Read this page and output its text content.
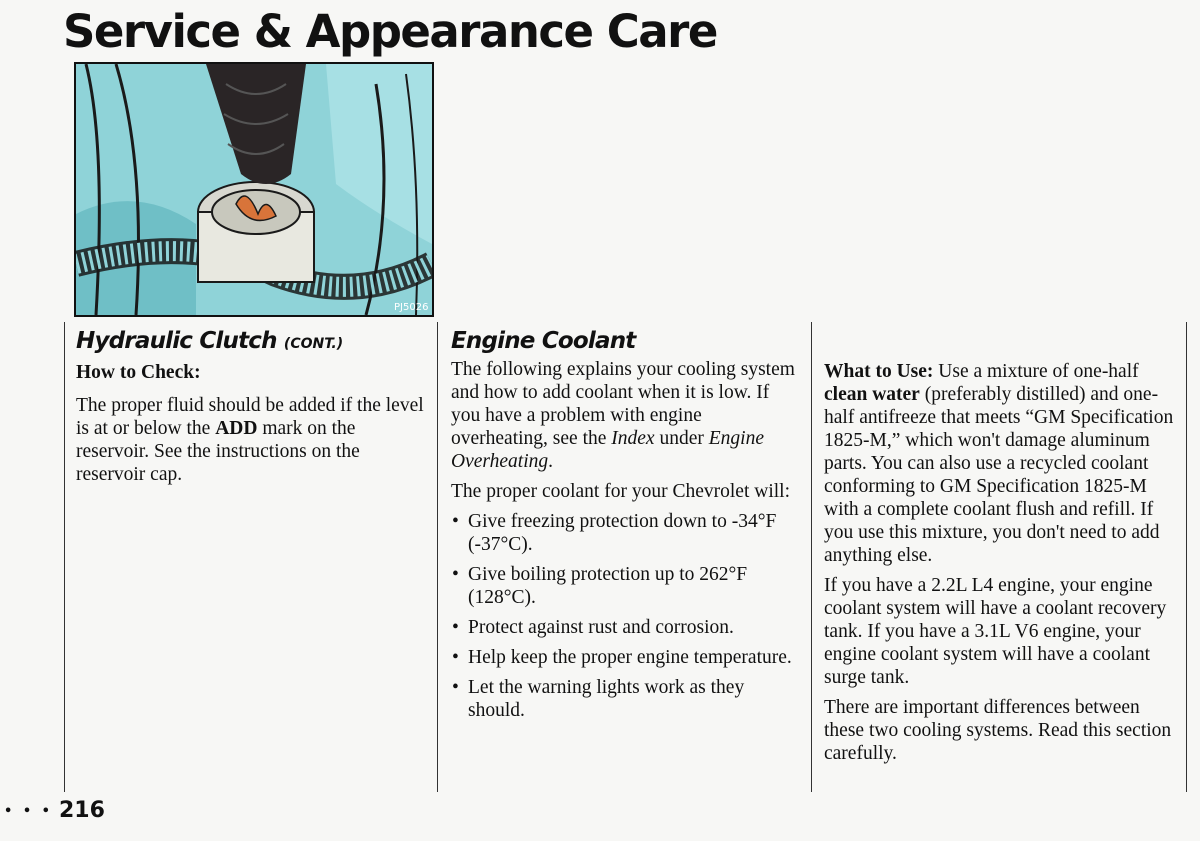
Service & Appearance Care
PJ5026
Hydraulic Clutch (CONT.)
How to Check:

The proper fluid should be added if the level is at or below the ADD mark on the reservoir. See the instructions on the reservoir cap.

Engine Coolant

The following explains your cooling system and how to add coolant when it is low. If you have a problem with engine overheating, see the Index under Engine Overheating.

The proper coolant for your Chevrolet will:

• Give freezing protection down to -34°F (-37°C).
• Give boiling protection up to 262°F (128°C).
• Protect against rust and corrosion.
• Help keep the proper engine temperature.
• Let the warning lights work as they should.

What to Use: Use a mixture of one-half clean water (preferably distilled) and one-half antifreeze that meets “GM Specification 1825-M,” which won't damage aluminum parts. You can also use a recycled coolant conforming to GM Specification 1825-M with a complete coolant flush and refill. If you use this mixture, you don't need to add anything else.

If you have a 2.2L L4 engine, your engine coolant system will have a coolant recovery tank. If you have a 3.1L V6 engine, your engine coolant system will have a coolant surge tank.

There are important differences between these two cooling systems. Read this section carefully.

• • • 216
